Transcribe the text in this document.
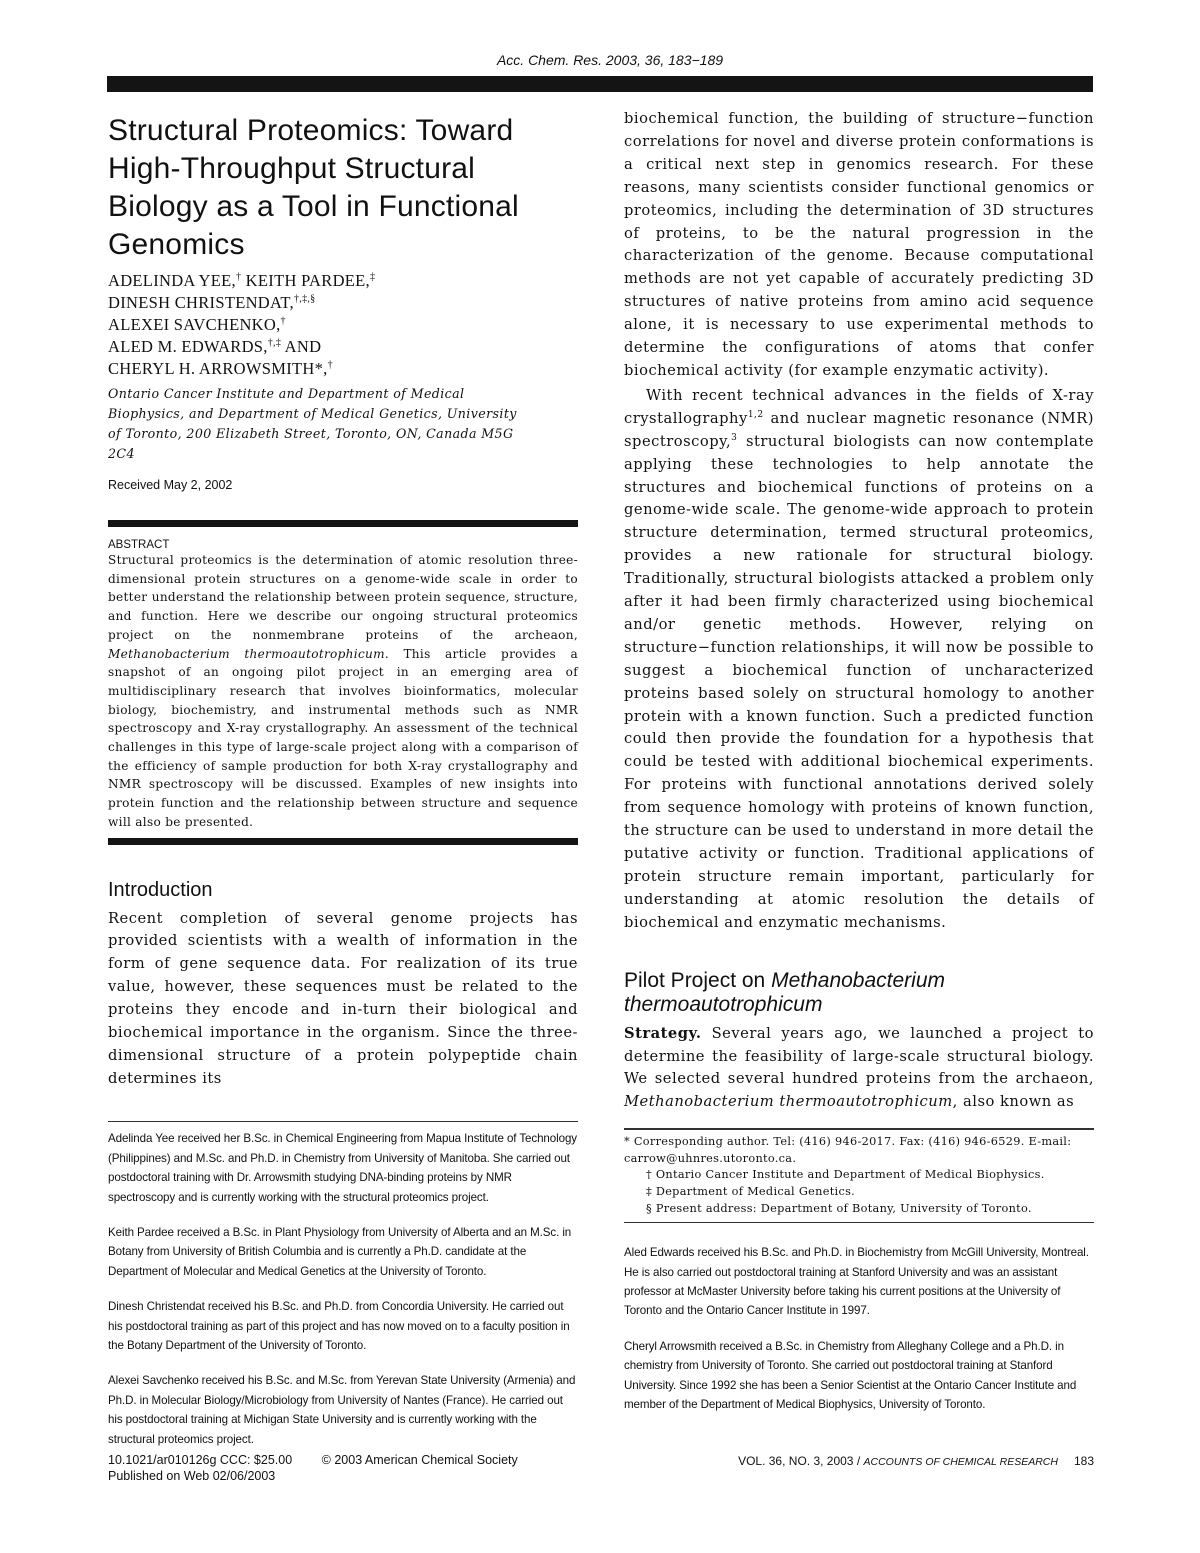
Acc. Chem. Res. 2003, 36, 183−189
Structural Proteomics: Toward
High-Throughput Structural
Biology as a Tool in Functional
Genomics
ADELINDA YEE,† KEITH PARDEE,‡
DINESH CHRISTENDAT,†,‡,§
ALEXEI SAVCHENKO,†
ALED M. EDWARDS,†,‡ AND
CHERYL H. ARROWSMITH*,†
Ontario Cancer Institute and Department of Medical Biophysics, and Department of Medical Genetics, University of Toronto, 200 Elizabeth Street, Toronto, ON, Canada M5G 2C4
Received May 2, 2002
ABSTRACT

Structural proteomics is the determination of atomic resolution three-dimensional protein structures on a genome-wide scale in order to better understand the relationship between protein sequence, structure, and function. Here we describe our ongoing structural proteomics project on the nonmembrane proteins of the archeaon, Methanobacterium thermoautotrophicum. This article provides a snapshot of an ongoing pilot project in an emerging area of multidisciplinary research that involves bioinformatics, molecular biology, biochemistry, and instrumental methods such as NMR spectroscopy and X-ray crystallography. An assessment of the technical challenges in this type of large-scale project along with a comparison of the efficiency of sample production for both X-ray crystallography and NMR spectroscopy will be discussed. Examples of new insights into protein function and the relationship between structure and sequence will also be presented.

Introduction

Recent completion of several genome projects has provided scientists with a wealth of information in the form of gene sequence data. For realization of its true value, however, these sequences must be related to the proteins they encode and in-turn their biological and biochemical importance in the organism. Since the three-dimensional structure of a protein polypeptide chain determines its

Adelinda Yee received her B.Sc. in Chemical Engineering from Mapua Institute of Technology (Philippines) and M.Sc. and Ph.D. in Chemistry from University of Manitoba. She carried out postdoctoral training with Dr. Arrowsmith studying DNA-binding proteins by NMR spectroscopy and is currently working with the structural proteomics project.

Keith Pardee received a B.Sc. in Plant Physiology from University of Alberta and an M.Sc. in Botany from University of British Columbia and is currently a Ph.D. candidate at the Department of Molecular and Medical Genetics at the University of Toronto.

Dinesh Christendat received his B.Sc. and Ph.D. from Concordia University. He carried out his postdoctoral training as part of this project and has now moved on to a faculty position in the Botany Department of the University of Toronto.

Alexei Savchenko received his B.Sc. and M.Sc. from Yerevan State University (Armenia) and Ph.D. in Molecular Biology/Microbiology from University of Nantes (France). He carried out his postdoctoral training at Michigan State University and is currently working with the structural proteomics project.

biochemical function, the building of structure−function correlations for novel and diverse protein conformations is a critical next step in genomics research. For these reasons, many scientists consider functional genomics or proteomics, including the determination of 3D structures of proteins, to be the natural progression in the characterization of the genome. Because computational methods are not yet capable of accurately predicting 3D structures of native proteins from amino acid sequence alone, it is necessary to use experimental methods to determine the configurations of atoms that confer biochemical activity (for example enzymatic activity).

With recent technical advances in the fields of X-ray crystallography$^{1,2}$ and nuclear magnetic resonance (NMR) spectroscopy,$^3$ structural biologists can now contemplate applying these technologies to help annotate the structures and biochemical functions of proteins on a genome-wide scale. The genome-wide approach to protein structure determination, termed structural proteomics, provides a new rationale for structural biology. Traditionally, structural biologists attacked a problem only after it had been firmly characterized using biochemical and/or genetic methods. However, relying on structure−function relationships, it will now be possible to suggest a biochemical function of uncharacterized proteins based solely on structural homology to another protein with a known function. Such a predicted function could then provide the foundation for a hypothesis that could be tested with additional biochemical experiments. For proteins with functional annotations derived solely from sequence homology with proteins of known function, the structure can be used to understand in more detail the putative activity or function. Traditional applications of protein structure remain important, particularly for understanding at atomic resolution the details of biochemical and enzymatic mechanisms.

Pilot Project on Methanobacterium
thermoautotrophicum

Strategy. Several years ago, we launched a project to determine the feasibility of large-scale structural biology. We selected several hundred proteins from the archaeon, Methanobacterium thermoautotrophicum, also known as

* Corresponding author. Tel: (416) 946-2017. Fax: (416) 946-6529. E-mail: carrow@uhnres.utoronto.ca.

† Ontario Cancer Institute and Department of Medical Biophysics.

‡ Department of Medical Genetics.

§ Present address: Department of Botany, University of Toronto.

Aled Edwards received his B.Sc. and Ph.D. in Biochemistry from McGill University, Montreal. He is also carried out postdoctoral training at Stanford University and was an assistant professor at McMaster University before taking his current positions at the University of Toronto and the Ontario Cancer Institute in 1997.

Cheryl Arrowsmith received a B.Sc. in Chemistry from Alleghany College and a Ph.D. in chemistry from University of Toronto. She carried out postdoctoral training at Stanford University. Since 1992 she has been a Senior Scientist at the Ontario Cancer Institute and member of the Department of Medical Biophysics, University of Toronto.

10.1021/ar010126g CCC: $25.00 © 2003 American Chemical Society
Published on Web 02/06/2003
VOL. 36, NO. 3, 2003 / ACCOUNTS OF CHEMICAL RESEARCH 183
